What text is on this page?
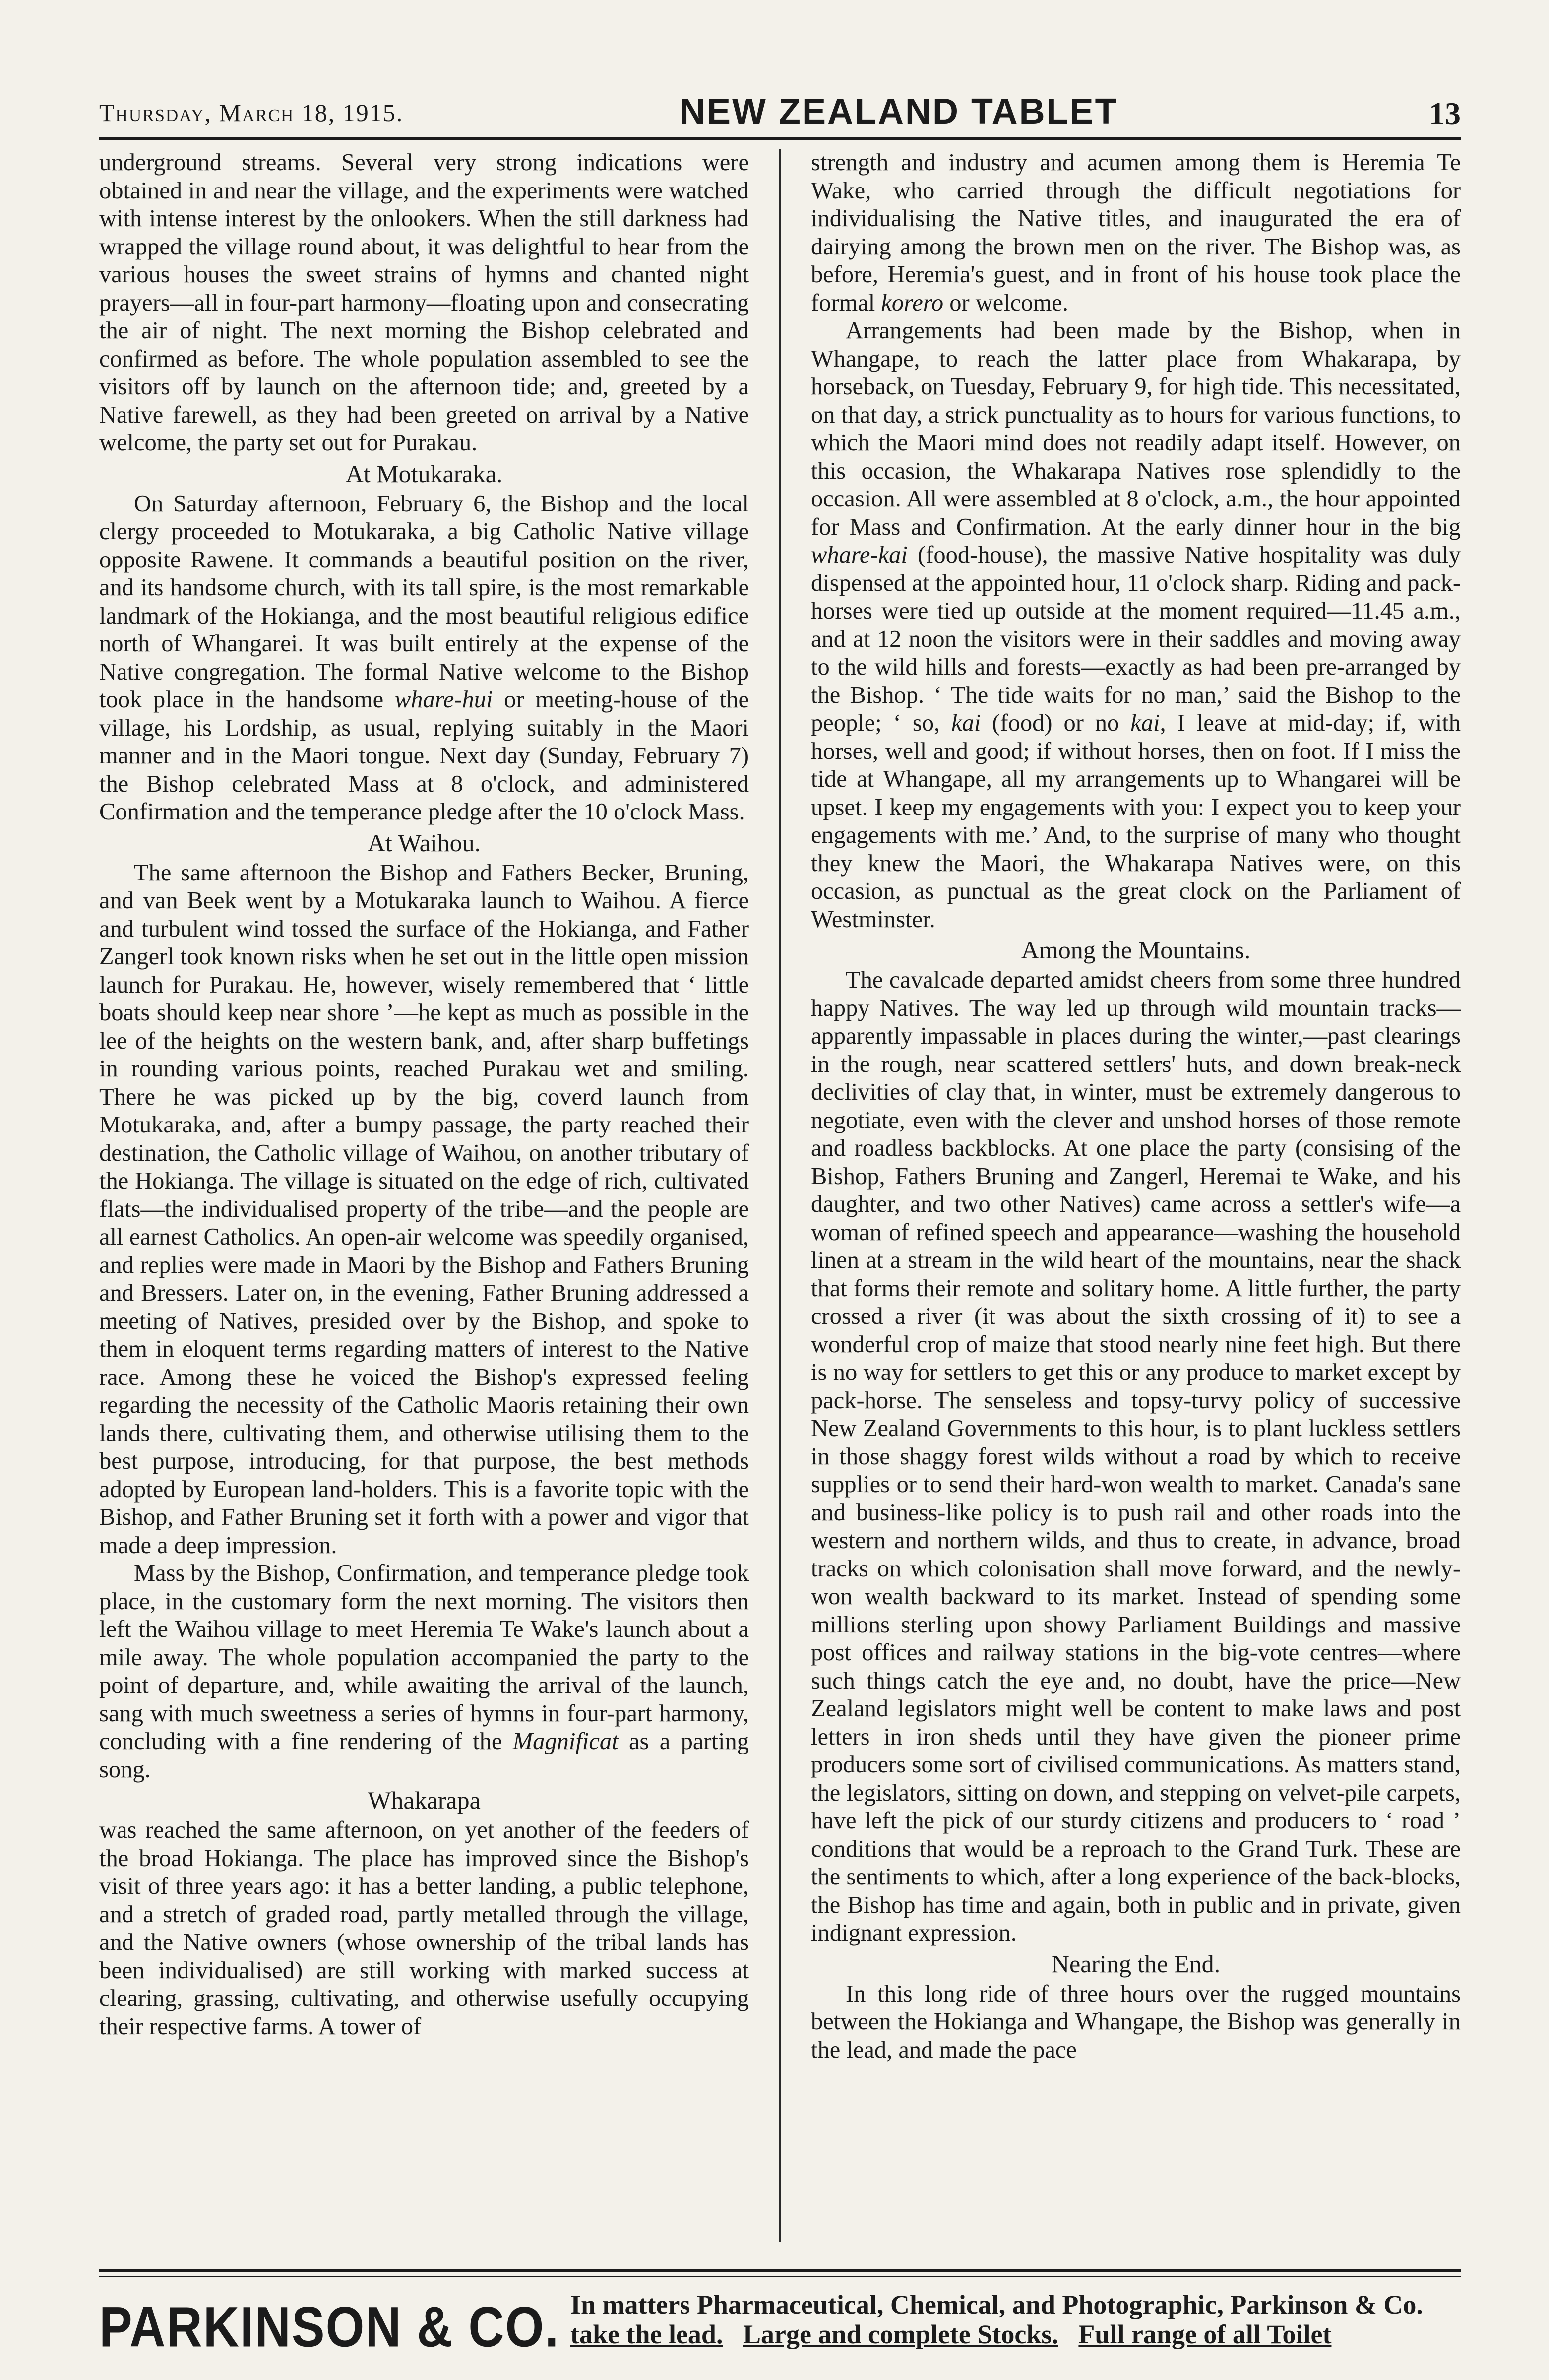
Thursday, March 18, 1915.	NEW ZEALAND TABLET	13

underground streams. Several very strong indications were obtained in and near the village, and the experiments were watched with intense interest by the onlookers. When the still darkness had wrapped the village round about, it was delightful to hear from the various houses the sweet strains of hymns and chanted night prayers—all in four-part harmony—floating upon and consecrating the air of night. The next morning the Bishop celebrated and confirmed as before. The whole population assembled to see the visitors off by launch on the afternoon tide; and, greeted by a Native farewell, as they had been greeted on arrival by a Native welcome, the party set out for Purakau.

At Motukaraka.

On Saturday afternoon, February 6, the Bishop and the local clergy proceeded to Motukaraka, a big Catholic Native village opposite Rawene. It commands a beautiful position on the river, and its handsome church, with its tall spire, is the most remarkable landmark of the Hokianga, and the most beautiful religious edifice north of Whangarei. It was built entirely at the expense of the Native congregation. The formal Native welcome to the Bishop took place in the handsome whare-hui or meeting-house of the village, his Lordship, as usual, replying suitably in the Maori manner and in the Maori tongue. Next day (Sunday, February 7) the Bishop celebrated Mass at 8 o'clock, and administered Confirmation and the temperance pledge after the 10 o'clock Mass.

At Waihou.

The same afternoon the Bishop and Fathers Becker, Bruning, and van Beek went by a Motukaraka launch to Waihou. A fierce and turbulent wind tossed the surface of the Hokianga, and Father Zangerl took known risks when he set out in the little open mission launch for Purakau. He, however, wisely remembered that ‘ little boats should keep near shore ’—he kept as much as possible in the lee of the heights on the western bank, and, after sharp buffetings in rounding various points, reached Purakau wet and smiling. There he was picked up by the big, coverd launch from Motukaraka, and, after a bumpy passage, the party reached their destination, the Catholic village of Waihou, on another tributary of the Hokianga. The village is situated on the edge of rich, cultivated flats—the individualised property of the tribe—and the people are all earnest Catholics. An open-air welcome was speedily organised, and replies were made in Maori by the Bishop and Fathers Bruning and Bressers. Later on, in the evening, Father Bruning addressed a meeting of Natives, presided over by the Bishop, and spoke to them in eloquent terms regarding matters of interest to the Native race. Among these he voiced the Bishop's expressed feeling regarding the necessity of the Catholic Maoris retaining their own lands there, cultivating them, and otherwise utilising them to the best purpose, introducing, for that purpose, the best methods adopted by European land-holders. This is a favorite topic with the Bishop, and Father Bruning set it forth with a power and vigor that made a deep impression.

Mass by the Bishop, Confirmation, and temperance pledge took place, in the customary form the next morning. The visitors then left the Waihou village to meet Heremia Te Wake's launch about a mile away. The whole population accompanied the party to the point of departure, and, while awaiting the arrival of the launch, sang with much sweetness a series of hymns in four-part harmony, concluding with a fine rendering of the Magnificat as a parting song.

Whakarapa

was reached the same afternoon, on yet another of the feeders of the broad Hokianga. The place has improved since the Bishop's visit of three years ago: it has a better landing, a public telephone, and a stretch of graded road, partly metalled through the village, and the Native owners (whose ownership of the tribal lands has been individualised) are still working with marked success at clearing, grassing, cultivating, and otherwise usefully occupying their respective farms. A tower of

strength and industry and acumen among them is Heremia Te Wake, who carried through the difficult negotiations for individualising the Native titles, and inaugurated the era of dairying among the brown men on the river. The Bishop was, as before, Heremia's guest, and in front of his house took place the formal korero or welcome.

Arrangements had been made by the Bishop, when in Whangape, to reach the latter place from Whakarapa, by horseback, on Tuesday, February 9, for high tide. This necessitated, on that day, a strick punctuality as to hours for various functions, to which the Maori mind does not readily adapt itself. However, on this occasion, the Whakarapa Natives rose splendidly to the occasion. All were assembled at 8 o'clock, a.m., the hour appointed for Mass and Confirmation. At the early dinner hour in the big whare-kai (food-house), the massive Native hospitality was duly dispensed at the appointed hour, 11 o'clock sharp. Riding and pack-horses were tied up outside at the moment required—11.45 a.m., and at 12 noon the visitors were in their saddles and moving away to the wild hills and forests—exactly as had been pre-arranged by the Bishop. ‘ The tide waits for no man,’ said the Bishop to the people; ‘ so, kai (food) or no kai, I leave at mid-day; if, with horses, well and good; if without horses, then on foot. If I miss the tide at Whangape, all my arrangements up to Whangarei will be upset. I keep my engagements with you: I expect you to keep your engagements with me.’ And, to the surprise of many who thought they knew the Maori, the Whakarapa Natives were, on this occasion, as punctual as the great clock on the Parliament of Westminster.

Among the Mountains.

The cavalcade departed amidst cheers from some three hundred happy Natives. The way led up through wild mountain tracks—apparently impassable in places during the winter,—past clearings in the rough, near scattered settlers' huts, and down break-neck declivities of clay that, in winter, must be extremely dangerous to negotiate, even with the clever and unshod horses of those remote and roadless backblocks. At one place the party (consising of the Bishop, Fathers Bruning and Zangerl, Heremai te Wake, and his daughter, and two other Natives) came across a settler's wife—a woman of refined speech and appearance—washing the household linen at a stream in the wild heart of the mountains, near the shack that forms their remote and solitary home. A little further, the party crossed a river (it was about the sixth crossing of it) to see a wonderful crop of maize that stood nearly nine feet high. But there is no way for settlers to get this or any produce to market except by pack-horse. The senseless and topsy-turvy policy of successive New Zealand Governments to this hour, is to plant luckless settlers in those shaggy forest wilds without a road by which to receive supplies or to send their hard-won wealth to market. Canada's sane and business-like policy is to push rail and other roads into the western and northern wilds, and thus to create, in advance, broad tracks on which colonisation shall move forward, and the newly-won wealth backward to its market. Instead of spending some millions sterling upon showy Parliament Buildings and massive post offices and railway stations in the big-vote centres—where such things catch the eye and, no doubt, have the price—New Zealand legislators might well be content to make laws and post letters in iron sheds until they have given the pioneer prime producers some sort of civilised communications. As matters stand, the legislators, sitting on down, and stepping on velvet-pile carpets, have left the pick of our sturdy citizens and producers to ‘ road ’ conditions that would be a reproach to the Grand Turk. These are the sentiments to which, after a long experience of the back-blocks, the Bishop has time and again, both in public and in private, given indignant expression.

Nearing the End.

In this long ride of three hours over the rugged mountains between the Hokianga and Whangape, the Bishop was generally in the lead, and made the pace

PARKINSON & CO. In matters Pharmaceutical, Chemical, and Photographic, Parkinson & Co.
take the lead. Large and complete Stocks. Full range of all Toilet
